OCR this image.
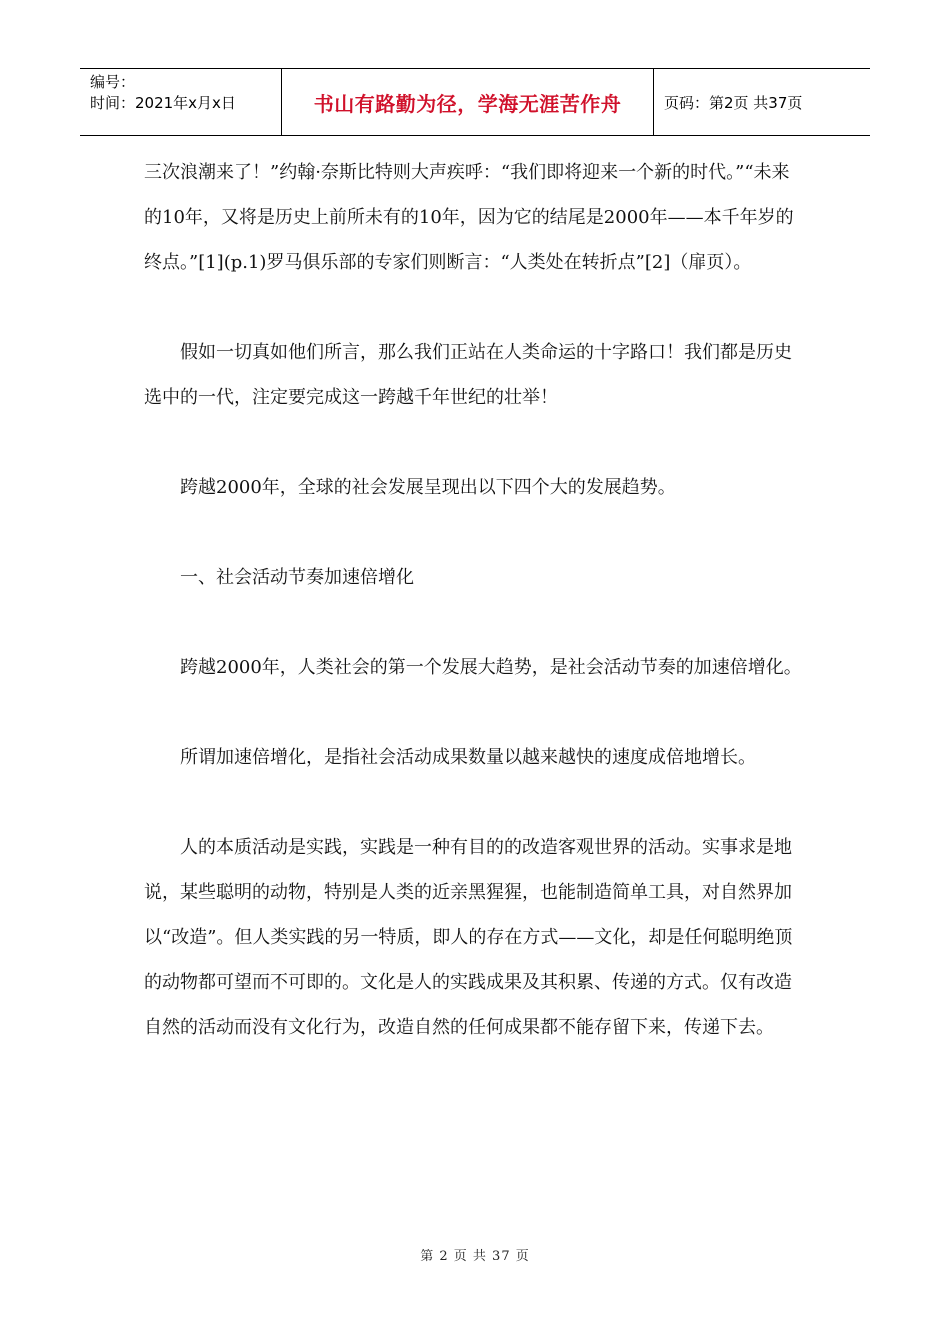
编号：
时间：2021年x月x日	书山有路勤为径，学海无涯苦作舟	页码：第2页 共37页

三次浪潮来了！”约翰·奈斯比特则大声疾呼：“我们即将迎来一个新的时代。”“未来的10年，又将是历史上前所未有的10年，因为它的结尾是2000年——本千年岁的终点。”[1](p.1)罗马俱乐部的专家们则断言：“人类处在转折点”[2]（扉页）。

假如一切真如他们所言，那么我们正站在人类命运的十字路口！我们都是历史选中的一代，注定要完成这一跨越千年世纪的壮举！

跨越2000年，全球的社会发展呈现出以下四个大的发展趋势。

一、社会活动节奏加速倍增化

跨越2000年，人类社会的第一个发展大趋势，是社会活动节奏的加速倍增化。

所谓加速倍增化，是指社会活动成果数量以越来越快的速度成倍地增长。

人的本质活动是实践，实践是一种有目的的改造客观世界的活动。实事求是地说，某些聪明的动物，特别是人类的近亲黑猩猩，也能制造简单工具，对自然界加以“改造”。但人类实践的另一特质，即人的存在方式——文化，却是任何聪明绝顶的动物都可望而不可即的。文化是人的实践成果及其积累、传递的方式。仅有改造自然的活动而没有文化行为，改造自然的任何成果都不能存留下来，传递下去。

第 2 页 共 37 页
